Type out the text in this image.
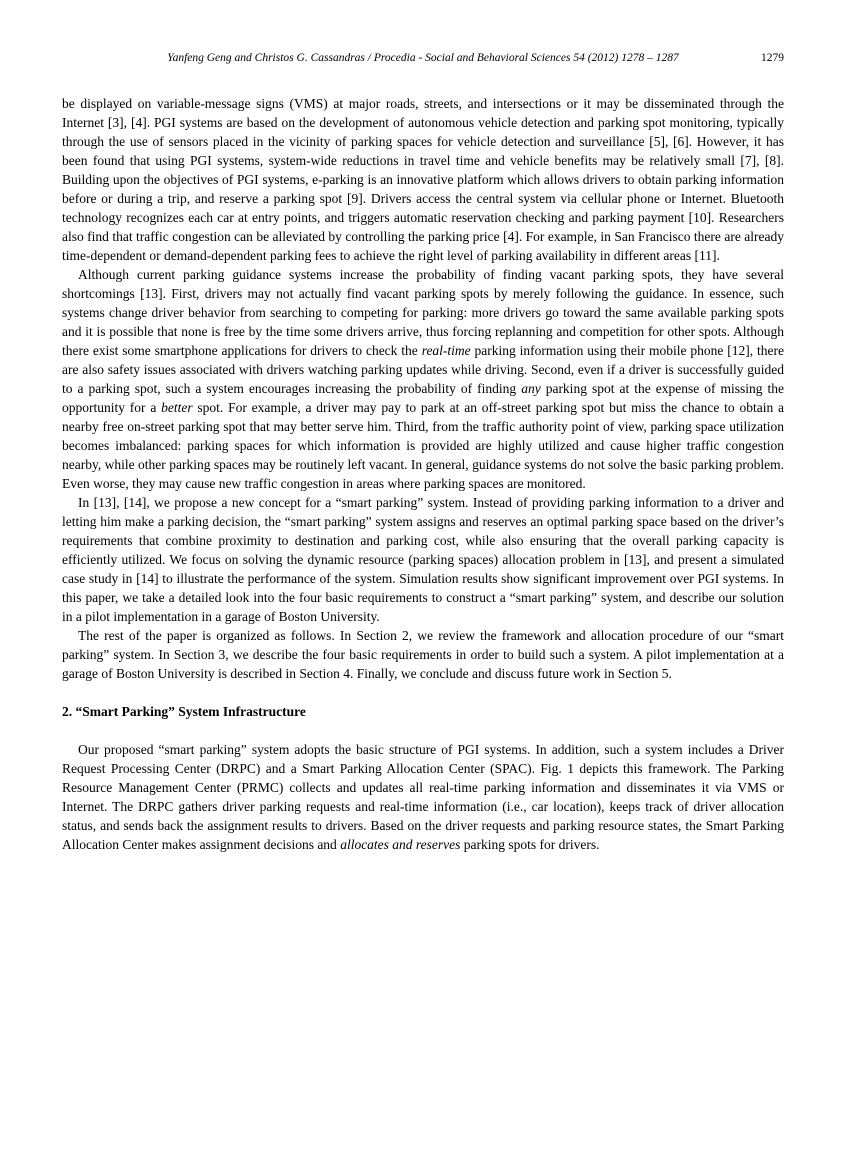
Yanfeng Geng and Christos G. Cassandras / Procedia - Social and Behavioral Sciences 54 (2012) 1278 – 1287	1279

be displayed on variable-message signs (VMS) at major roads, streets, and intersections or it may be disseminated through the Internet [3], [4]. PGI systems are based on the development of autonomous vehicle detection and parking spot monitoring, typically through the use of sensors placed in the vicinity of parking spaces for vehicle detection and surveillance [5], [6]. However, it has been found that using PGI systems, system-wide reductions in travel time and vehicle benefits may be relatively small [7], [8]. Building upon the objectives of PGI systems, e-parking is an innovative platform which allows drivers to obtain parking information before or during a trip, and reserve a parking spot [9]. Drivers access the central system via cellular phone or Internet. Bluetooth technology recognizes each car at entry points, and triggers automatic reservation checking and parking payment [10]. Researchers also find that traffic congestion can be alleviated by controlling the parking price [4]. For example, in San Francisco there are already time-dependent or demand-dependent parking fees to achieve the right level of parking availability in different areas [11].

Although current parking guidance systems increase the probability of finding vacant parking spots, they have several shortcomings [13]. First, drivers may not actually find vacant parking spots by merely following the guidance. In essence, such systems change driver behavior from searching to competing for parking: more drivers go toward the same available parking spots and it is possible that none is free by the time some drivers arrive, thus forcing replanning and competition for other spots. Although there exist some smartphone applications for drivers to check the real-time parking information using their mobile phone [12], there are also safety issues associated with drivers watching parking updates while driving. Second, even if a driver is successfully guided to a parking spot, such a system encourages increasing the probability of finding any parking spot at the expense of missing the opportunity for a better spot. For example, a driver may pay to park at an off-street parking spot but miss the chance to obtain a nearby free on-street parking spot that may better serve him. Third, from the traffic authority point of view, parking space utilization becomes imbalanced: parking spaces for which information is provided are highly utilized and cause higher traffic congestion nearby, while other parking spaces may be routinely left vacant. In general, guidance systems do not solve the basic parking problem. Even worse, they may cause new traffic congestion in areas where parking spaces are monitored.

In [13], [14], we propose a new concept for a “smart parking” system. Instead of providing parking information to a driver and letting him make a parking decision, the “smart parking” system assigns and reserves an optimal parking space based on the driver’s requirements that combine proximity to destination and parking cost, while also ensuring that the overall parking capacity is efficiently utilized. We focus on solving the dynamic resource (parking spaces) allocation problem in [13], and present a simulated case study in [14] to illustrate the performance of the system. Simulation results show significant improvement over PGI systems. In this paper, we take a detailed look into the four basic requirements to construct a “smart parking” system, and describe our solution in a pilot implementation in a garage of Boston University.

The rest of the paper is organized as follows. In Section 2, we review the framework and allocation procedure of our “smart parking” system. In Section 3, we describe the four basic requirements in order to build such a system. A pilot implementation at a garage of Boston University is described in Section 4. Finally, we conclude and discuss future work in Section 5.

2. “Smart Parking” System Infrastructure

Our proposed “smart parking” system adopts the basic structure of PGI systems. In addition, such a system includes a Driver Request Processing Center (DRPC) and a Smart Parking Allocation Center (SPAC). Fig. 1 depicts this framework. The Parking Resource Management Center (PRMC) collects and updates all real-time parking information and disseminates it via VMS or Internet. The DRPC gathers driver parking requests and real-time information (i.e., car location), keeps track of driver allocation status, and sends back the assignment results to drivers. Based on the driver requests and parking resource states, the Smart Parking Allocation Center makes assignment decisions and allocates and reserves parking spots for drivers.
